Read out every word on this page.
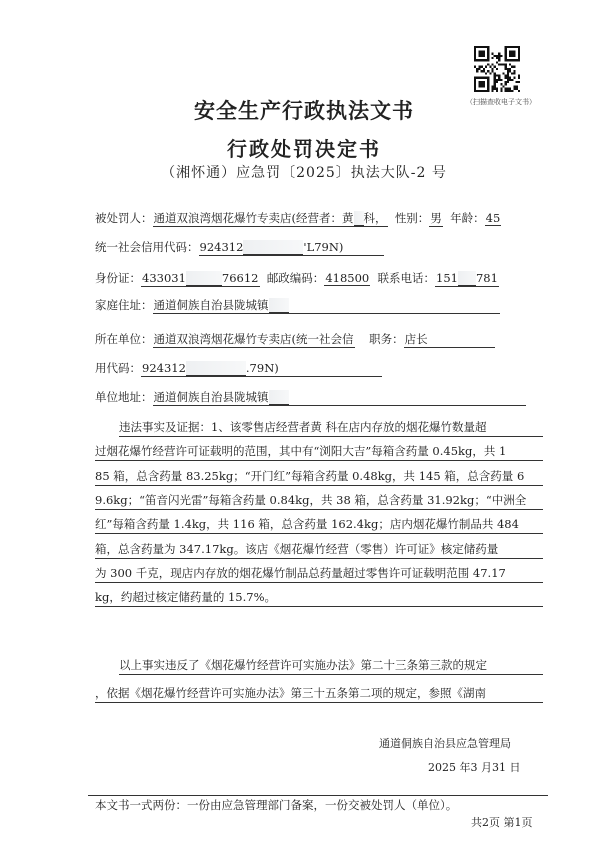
（扫描查收电子文书）
安全生产行政执法文书
行政处罚决定书
（湘怀通）应急罚〔2025〕执法大队-2 号
被处罚人：通道双浪湾烟花爆竹专卖店(经营者：黄 科， 性别：男 年龄：45
统一社会信用代码：924312	'L79N)
身份证：433031	76612 邮政编码：418500 联系电话：151 781
家庭住址：通道侗族自治县陇城镇
所在单位：通道双浪湾烟花爆竹专卖店(统一社会信 职务：店长
用代码：924312	.79N)
单位地址：通道侗族自治县陇城镇
违法事实及证据：1、该零售店经营者黄 科在店内存放的烟花爆竹数量超
过烟花爆竹经营许可证载明的范围，其中有“浏阳大吉”每箱含药量 0.45kg，共 1
85 箱，总含药量 83.25kg；“开门红”每箱含药量 0.48kg，共 145 箱，总含药量 6
9.6kg；“笛音闪光雷”每箱含药量 0.84kg，共 38 箱，总含药量 31.92kg；“中洲全
红”每箱含药量 1.4kg，共 116 箱，总含药量 162.4kg；店内烟花爆竹制品共 484
箱，总含药量为 347.17kg。该店《烟花爆竹经营（零售）许可证》核定储药量
为 300 千克，现店内存放的烟花爆竹制品总药量超过零售许可证载明范围 47.17
kg，约超过核定储药量的 15.7%。
以上事实违反了《烟花爆竹经营许可实施办法》第二十三条第三款的规定
，依据《烟花爆竹经营许可实施办法》第三十五条第二项的规定，参照《湖南
通道侗族自治县应急管理局
2025 年3 月31 日
本文书一式两份：一份由应急管理部门备案，一份交被处罚人（单位）。
共2页 第1页
